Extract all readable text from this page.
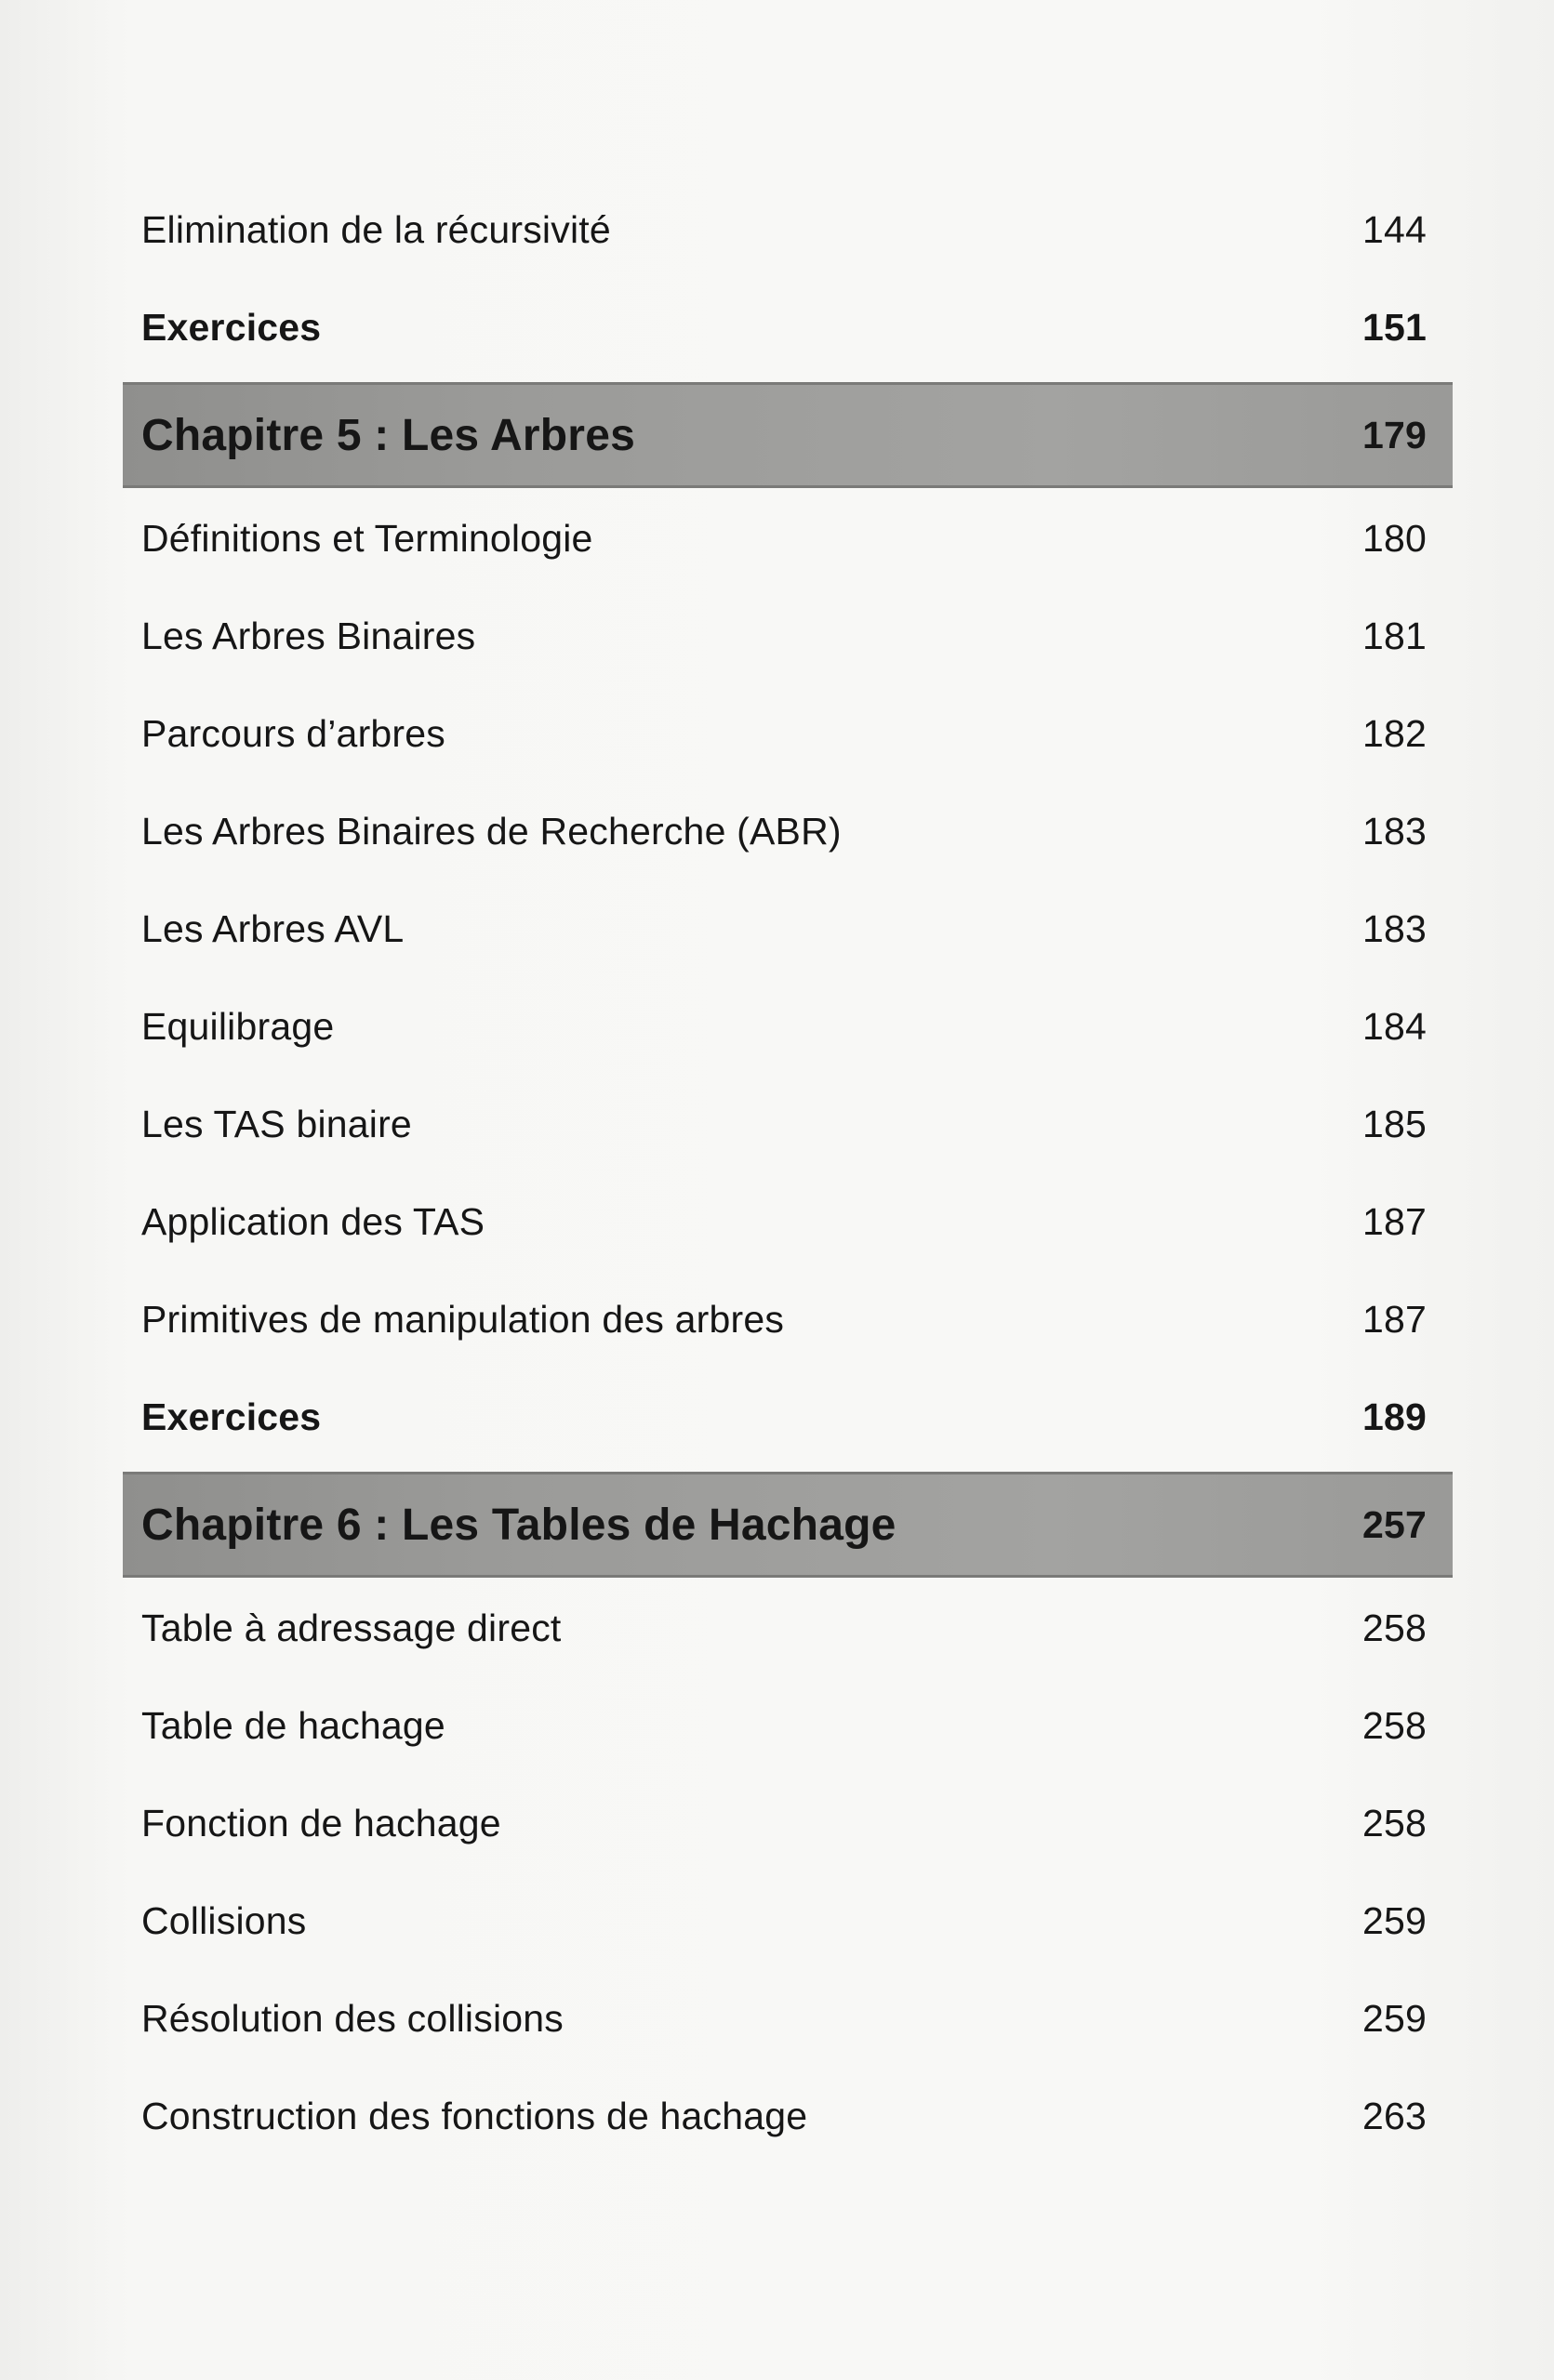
Elimination de la récursivité	144
Exercices	151
Chapitre 5 : Les Arbres	179
Définitions et Terminologie	180
Les Arbres Binaires	181
Parcours d’arbres	182
Les Arbres Binaires de Recherche (ABR)	183
Les Arbres AVL	183
Equilibrage	184
Les TAS binaire	185
Application des TAS	187
Primitives de manipulation des arbres	187
Exercices	189
Chapitre 6 : Les Tables de Hachage	257
Table à adressage direct	258
Table de hachage	258
Fonction de hachage	258
Collisions	259
Résolution des collisions	259
Construction des fonctions de hachage	263
